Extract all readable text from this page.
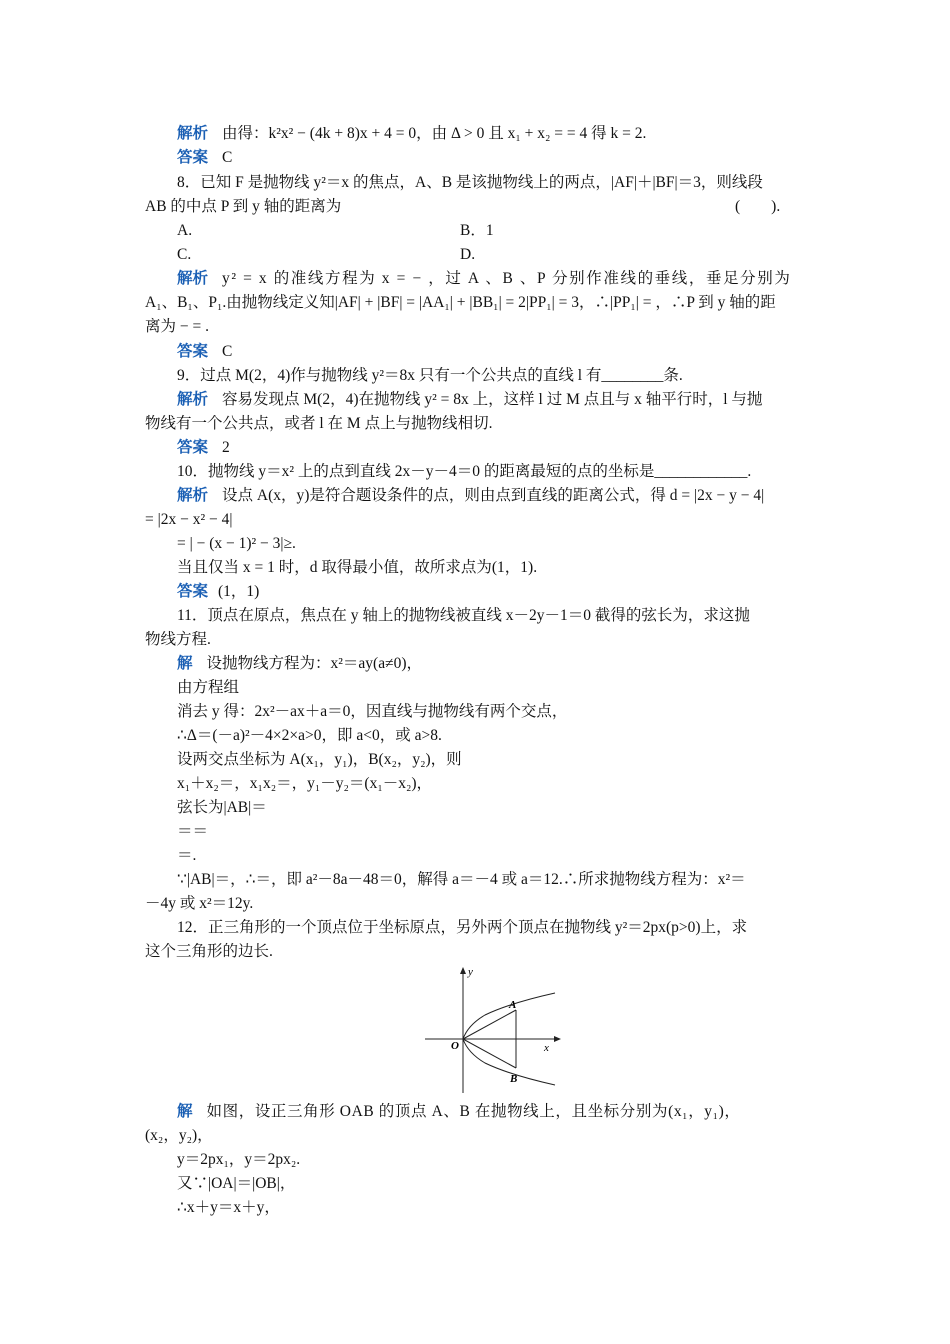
解析 由得：k²x² − (4k + 8)x + 4 = 0，由 Δ > 0 且 x₁ + x₂ = = 4 得 k = 2.
答案 C
8．已知 F 是抛物线 y²＝x 的焦点，A、B 是该抛物线上的两点，|AF|＋|BF|＝3，则线段
AB 的中点 P 到 y 轴的距离为	(　　).
A.	B．1
C.	D.
解析 y² = x 的准线方程为 x = − ，过 A 、B 、P 分别作准线的垂线，垂足分别为
A₁、B₁、P₁.由抛物线定义知|AF| + |BF| = |AA₁| + |BB₁| = 2|PP₁| = 3，∴|PP₁| = ，∴P 到 y 轴的距
离为 − = .
答案 C
9．过点 M(2，4)作与抛物线 y²＝8x 只有一个公共点的直线 l 有________条.
解析 容易发现点 M(2，4)在抛物线 y² = 8x 上，这样 l 过 M 点且与 x 轴平行时，l 与抛
物线有一个公共点，或者 l 在 M 点上与抛物线相切.
答案 2
10．抛物线 y＝x² 上的点到直线 2x－y－4＝0 的距离最短的点的坐标是____________.
解析 设点 A(x，y)是符合题设条件的点，则由点到直线的距离公式，得 d = |2x − y − 4|
= |2x − x² − 4|
= | − (x − 1)² − 3|≥.
当且仅当 x = 1 时，d 取得最小值，故所求点为(1，1).
答案 (1，1)
11．顶点在原点，焦点在 y 轴上的抛物线被直线 x－2y－1＝0 截得的弦长为，求这抛
物线方程.
解 设抛物线方程为：x²＝ay(a≠0)，
由方程组
消去 y 得：2x²－ax＋a＝0，因直线与抛物线有两个交点，
∴Δ＝(－a)²－4×2×a>0，即 a<0，或 a>8.
设两交点坐标为 A(x₁，y₁)，B(x₂，y₂)，则
x₁＋x₂＝，x₁x₂＝，y₁－y₂＝(x₁－x₂)，
弦长为|AB|＝
＝＝
＝.
∵|AB|＝，∴＝，即 a²－8a－48＝0，解得 a＝－4 或 a＝12.∴所求抛物线方程为：x²＝
－4y 或 x²＝12y.
12．正三角形的一个顶点位于坐标原点，另外两个顶点在抛物线 y²＝2px(p>0)上，求
这个三角形的边长.
y
x
O
A
B
解 如图，设正三角形 OAB 的顶点 A、B 在抛物线上，且坐标分别为(x₁，y₁)，
(x₂，y₂)，
y＝2px₁，y＝2px₂.
又∵|OA|＝|OB|，
∴x＋y＝x＋y，
